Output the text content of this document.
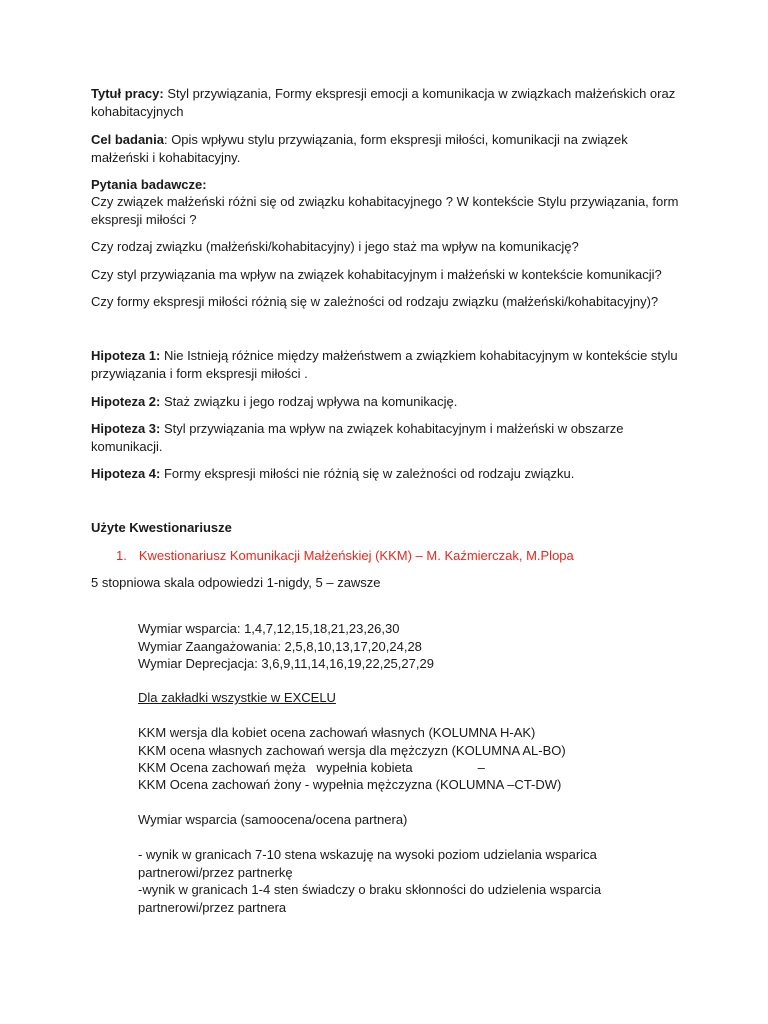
Tytuł pracy: Styl przywiązania, Formy ekspresji emocji a komunikacja w związkach małżeńskich oraz
kohabitacyjnych
Cel badania: Opis wpływu stylu przywiązania, form ekspresji miłości, komunikacji na związek
małżeński i kohabitacyjny.
Pytania badawcze:
Czy związek małżeński różni się od związku kohabitacyjnego ? W kontekście Stylu przywiązania, form
ekspresji miłości ?
Czy rodzaj związku (małżeński/kohabitacyjny) i jego staż ma wpływ na komunikację?
Czy styl przywiązania ma wpływ na związek kohabitacyjnym i małżeński w kontekście komunikacji?
Czy formy ekspresji miłości różnią się w zależności od rodzaju związku (małżeński/kohabitacyjny)?
Hipoteza 1: Nie Istnieją różnice między małżeństwem a związkiem kohabitacyjnym w kontekście stylu
przywiązania i form ekspresji miłości .
Hipoteza 2: Staż związku i jego rodzaj wpływa na komunikację.
Hipoteza 3: Styl przywiązania ma wpływ na związek kohabitacyjnym i małżeński w obszarze
komunikacji.
Hipoteza 4: Formy ekspresji miłości nie różnią się w zależności od rodzaju związku.
Użyte Kwestionariusze
1. Kwestionariusz Komunikacji Małżeńskiej (KKM) – M. Kaźmierczak, M.Plopa
5 stopniowa skala odpowiedzi 1-nigdy, 5 – zawsze
Wymiar wsparcia: 1,4,7,12,15,18,21,23,26,30
Wymiar Zaangażowania: 2,5,8,10,13,17,20,24,28
Wymiar Deprecjacja: 3,6,9,11,14,16,19,22,25,27,29
Dla zakładki wszystkie w EXCELU
KKM wersja dla kobiet ocena zachowań własnych (KOLUMNA H-AK)
KKM ocena własnych zachowań wersja dla mężczyzn (KOLUMNA AL-BO)
KKM Ocena zachowań męża   wypełnia kobieta                  –
KKM Ocena zachowań żony - wypełnia mężczyzna (KOLUMNA –CT-DW)
Wymiar wsparcia (samoocena/ocena partnera)
- wynik w granicach 7-10 stena wskazuję na wysoki poziom udzielania wsparica
partnerowi/przez partnerkę
-wynik w granicach 1-4 sten świadczy o braku skłonności do udzielenia wsparcia
partnerowi/przez partnera
